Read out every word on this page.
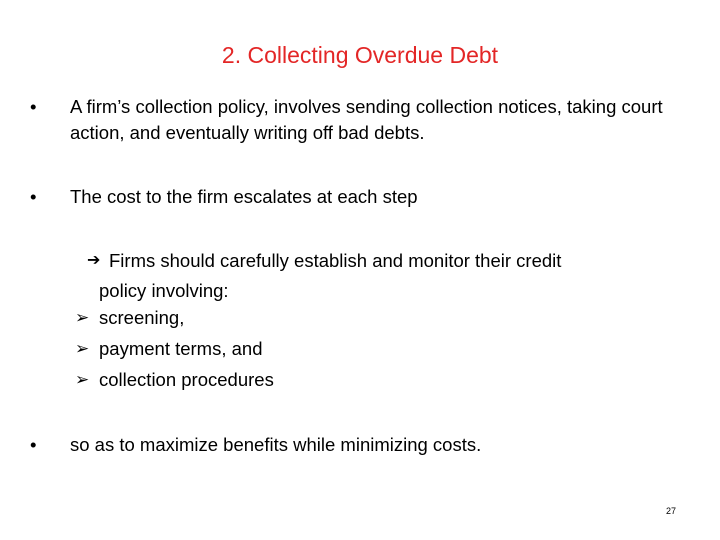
2. Collecting Overdue Debt
• A firm’s collection policy, involves sending collection notices, taking court action, and eventually writing off bad debts.
• The cost to the firm escalates at each step
➔ Firms should carefully establish and monitor their credit
policy involving:
➢ screening,
➢ payment terms, and
➢ collection procedures
• so as to maximize benefits while minimizing costs.
27
